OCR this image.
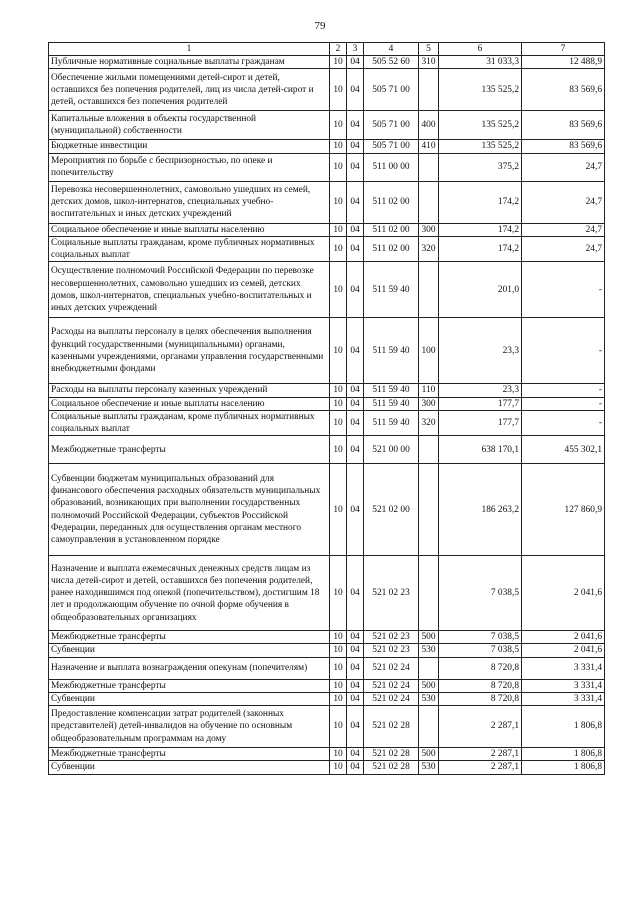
79
1	2	3	4	5	6	7
Публичные нормативные социальные выплаты гражданам	10	04	505 52 60	310	31 033,3	12 488,9
Обеспечение жильми помещениями детей-сирот и детей, оставшихся без попечения родителей, лиц из числа детей-сирот и детей, оставшихся без попечения родителей	10	04	505 71 00		135 525,2	83 569,6
Капитальные вложения в объекты государственной (муниципальной) собственности	10	04	505 71 00	400	135 525,2	83 569,6
Бюджетные инвестиции	10	04	505 71 00	410	135 525,2	83 569,6
Мероприятия по борьбе с беспризорностью, по опеке и попечительству	10	04	511 00 00		375,2	24,7
Перевозка несовершеннолетних, самовольно ушедших из семей, детских домов, школ-интернатов, специальных учебно-воспитательных и иных детских учреждений	10	04	511 02 00		174,2	24,7
Социальное обеспечение и иные выплаты населению	10	04	511 02 00	300	174,2	24,7
Социальные выплаты гражданам, кроме публичных нормативных социальных выплат	10	04	511 02 00	320	174,2	24,7
Осуществление полномочий Российской Федерации по перевозке несовершеннолетних, самовольно ушедших из семей, детских домов, школ-интернатов, специальных учебно-воспитательных и иных детских учреждений	10	04	511 59 40		201,0	-
Расходы на выплаты персоналу в целях обеспечения выполнения функций государственными (муниципальными) органами, казенными учреждениями, органами управления государственными внебюджетными фондами	10	04	511 59 40	100	23,3	-
Расходы на выплаты персоналу казенных учреждений	10	04	511 59 40	110	23,3	-
Социальное обеспечение и иные выплаты населению	10	04	511 59 40	300	177,7	-
Социальные выплаты гражданам, кроме публичных нормативных социальных выплат	10	04	511 59 40	320	177,7	-
Межбюджетные трансферты	10	04	521 00 00		638 170,1	455 302,1
Субвенции бюджетам муниципальных образований для финансового обеспечения расходных обязательств муниципальных образований, возникающих при выполнении государственных полномочий Российской Федерации, субъектов Российской Федерации, переданных для осуществления органам местного самоуправления в установленном порядке	10	04	521 02 00		186 263,2	127 860,9
Назначение и выплата ежемесячных денежных средств лицам из числа детей-сирот и детей, оставшихся без попечения родителей, ранее находившимся под опекой (попечительством), достигшим 18 лет и продолжающим обучение по очной форме обучения в общеобразовательных организациях	10	04	521 02 23		7 038,5	2 041,6
Межбюджетные трансферты	10	04	521 02 23	500	7 038,5	2 041,6
Субвенции	10	04	521 02 23	530	7 038,5	2 041,6
Назначение и выплата вознаграждения опекунам (попечителям)	10	04	521 02 24		8 720,8	3 331,4
Межбюджетные трансферты	10	04	521 02 24	500	8 720,8	3 331,4
Субвенции	10	04	521 02 24	530	8 720,8	3 331,4
Предоставление компенсации затрат родителей (законных представителей) детей-инвалидов на обучение по основным общеобразовательным программам на дому	10	04	521 02 28		2 287,1	1 806,8
Межбюджетные трансферты	10	04	521 02 28	500	2 287,1	1 806,8
Субвенции	10	04	521 02 28	530	2 287,1	1 806,8
